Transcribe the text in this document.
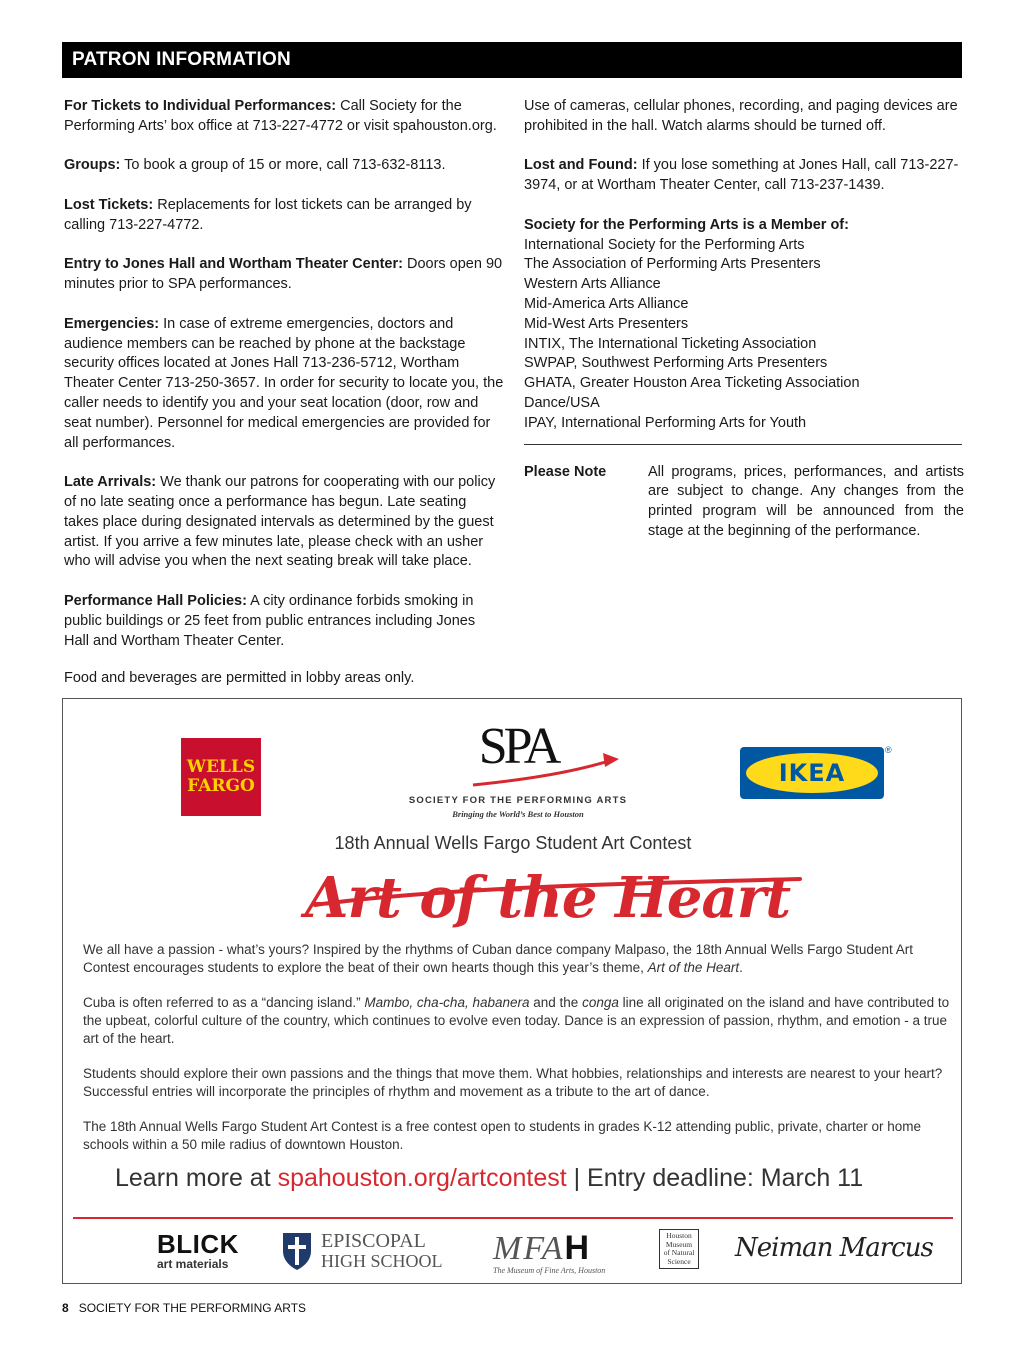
PATRON INFORMATION

For Tickets to Individual Performances: Call Society for the Performing Arts’ box office at 713-227-4772 or visit spahouston.org.

Groups: To book a group of 15 or more, call 713-632-8113.

Lost Tickets: Replacements for lost tickets can be arranged by calling 713-227-4772.

Entry to Jones Hall and Wortham Theater Center: Doors open 90 minutes prior to SPA performances.

Emergencies: In case of extreme emergencies, doctors and audience members can be reached by phone at the backstage security offices located at Jones Hall 713-236-5712, Wortham Theater Center 713-250-3657. In order for security to locate you, the caller needs to identify you and your seat location (door, row and seat number). Personnel for medical emergencies are provided for all performances.

Late Arrivals: We thank our patrons for cooperating with our policy of no late seating once a performance has begun. Late seating takes place during designated intervals as determined by the guest artist. If you arrive a few minutes late, please check with an usher who will advise you when the next seating break will take place.

Performance Hall Policies: A city ordinance forbids smoking in public buildings or 25 feet from public entrances including Jones Hall and Wortham Theater Center.

Food and beverages are permitted in lobby areas only.

Use of cameras, cellular phones, recording, and paging devices are prohibited in the hall. Watch alarms should be turned off.

Lost and Found: If you lose something at Jones Hall, call 713-227-3974, or at Wortham Theater Center, call 713-237-1439.

Society for the Performing Arts is a Member of:
International Society for the Performing Arts
The Association of Performing Arts Presenters
Western Arts Alliance
Mid-America Arts Alliance
Mid-West Arts Presenters
INTIX, The International Ticketing Association
SWPAP, Southwest Performing Arts Presenters
GHATA, Greater Houston Area Ticketing Association
Dance/USA
IPAY, International Performing Arts for Youth
Please Note	All programs, prices, performances, and artists are subject to change. Any changes from the printed program will be announced from the stage at the beginning of the performance.
WELLS
FARGO
SPA
SOCIETY FOR THE PERFORMING ARTS
Bringing the World’s Best to Houston
IKEA
®
18th Annual Wells Fargo Student Art Contest
Art of the Heart
We all have a passion - what’s yours? Inspired by the rhythms of Cuban dance company Malpaso, the 18th Annual Wells Fargo Student Art Contest encourages students to explore the beat of their own hearts though this year’s theme, Art of the Heart.
Cuba is often referred to as a “dancing island.” Mambo, cha-cha, habanera and the conga line all originated on the island and have contributed to the upbeat, colorful culture of the country, which continues to evolve even today. Dance is an expression of passion, rhythm, and emotion - a true art of the heart.
Students should explore their own passions and the things that move them. What hobbies, relationships and interests are nearest to your heart? Successful entries will incorporate the principles of rhythm and movement as a tribute to the art of dance.
The 18th Annual Wells Fargo Student Art Contest is a free contest open to students in grades K-12 attending public, private, charter or home schools within a 50 mile radius of downtown Houston.
Learn more at spahouston.org/artcontest | Entry deadline: March 11
BLICK
art materials
EPISCOPAL
HIGH SCHOOL MFAH
The Museum of Fine Arts, Houston
Houston
Museum
of Natural
Science Neiman Marcus
8 SOCIETY FOR THE PERFORMING ARTS
